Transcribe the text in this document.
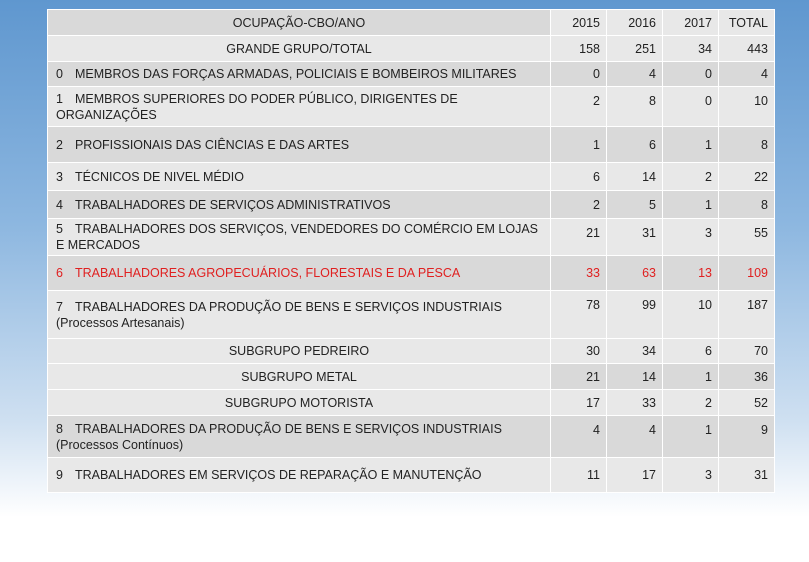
OCUPAÇÃO-CBO/ANO	2015	2016	2017	TOTAL
GRANDE GRUPO/TOTAL	158	251	34	443
0 MEMBROS DAS FORÇAS ARMADAS, POLICIAIS E BOMBEIROS MILITARES	0	4	0	4
1 MEMBROS SUPERIORES DO PODER PÚBLICO, DIRIGENTES DE ORGANIZAÇÕES	2	8	0	10
2 PROFISSIONAIS DAS CIÊNCIAS E DAS ARTES	1	6	1	8
3 TÉCNICOS DE NIVEL MÉDIO	6	14	2	22
4 TRABALHADORES DE SERVIÇOS ADMINISTRATIVOS	2	5	1	8
5 TRABALHADORES DOS SERVIÇOS, VENDEDORES DO COMÉRCIO EM LOJAS E MERCADOS	21	31	3	55
6 TRABALHADORES AGROPECUÁRIOS, FLORESTAIS E DA PESCA	33	63	13	109
7 TRABALHADORES DA PRODUÇÃO DE BENS E SERVIÇOS INDUSTRIAIS (Processos Artesanais)	78	99	10	187
SUBGRUPO PEDREIRO	30	34	6	70
SUBGRUPO METAL	21	14	1	36
SUBGRUPO MOTORISTA	17	33	2	52
8 TRABALHADORES DA PRODUÇÃO DE BENS E SERVIÇOS INDUSTRIAIS (Processos Contínuos)	4	4	1	9
9 TRABALHADORES EM SERVIÇOS DE REPARAÇÃO E MANUTENÇÃO	11	17	3	31
